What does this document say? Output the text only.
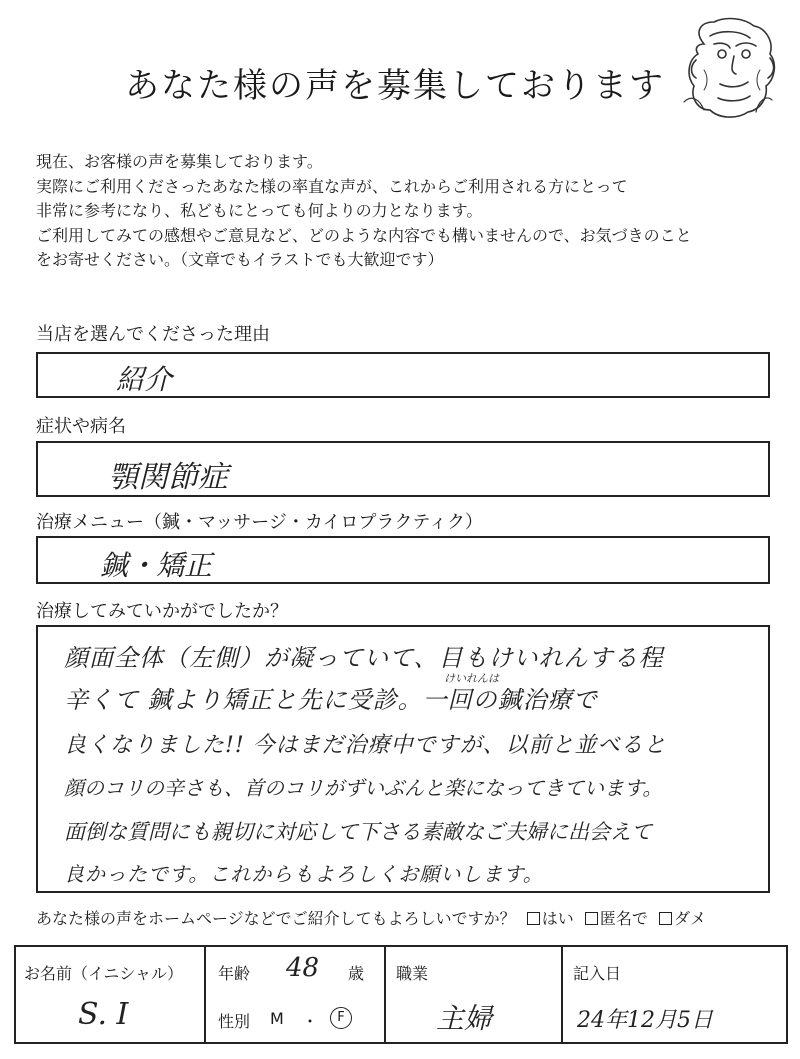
あなた様の声を募集しております
現在、お客様の声を募集しております。
実際にご利用くださったあなた様の率直な声が、これからご利用される方にとって
非常に参考になり、私どもにとっても何よりの力となります。
ご利用してみての感想やご意見など、どのような内容でも構いませんので、お気づきのこと
をお寄せください。（文章でもイラストでも大歓迎です）
当店を選んでくださった理由
紹介
症状や病名
顎関節症
治療メニュー（鍼・マッサージ・カイロプラクティク）
鍼・矯正
治療してみていかがでしたか？
けいれんは
顔面全体（左側）が凝っていて、目もけいれんする程
辛くて 鍼より矯正と先に受診。一回の鍼治療で
良くなりました!! 今はまだ治療中ですが、以前と並べると
顔のコリの辛さも、首のコリがずいぶんと楽になってきています。
面倒な質問にも親切に対応して下さる素敵なご夫婦に出会えて
良かったです。これからもよろしくお願いします。
あなた様の声をホームページなどでご紹介してもよろしいですか？ はい 匿名で ダメ
お名前（イニシャル）
S. I

年齢 48 歳
性別 M ・	F

職業
主婦

記入日
24年12月5日
